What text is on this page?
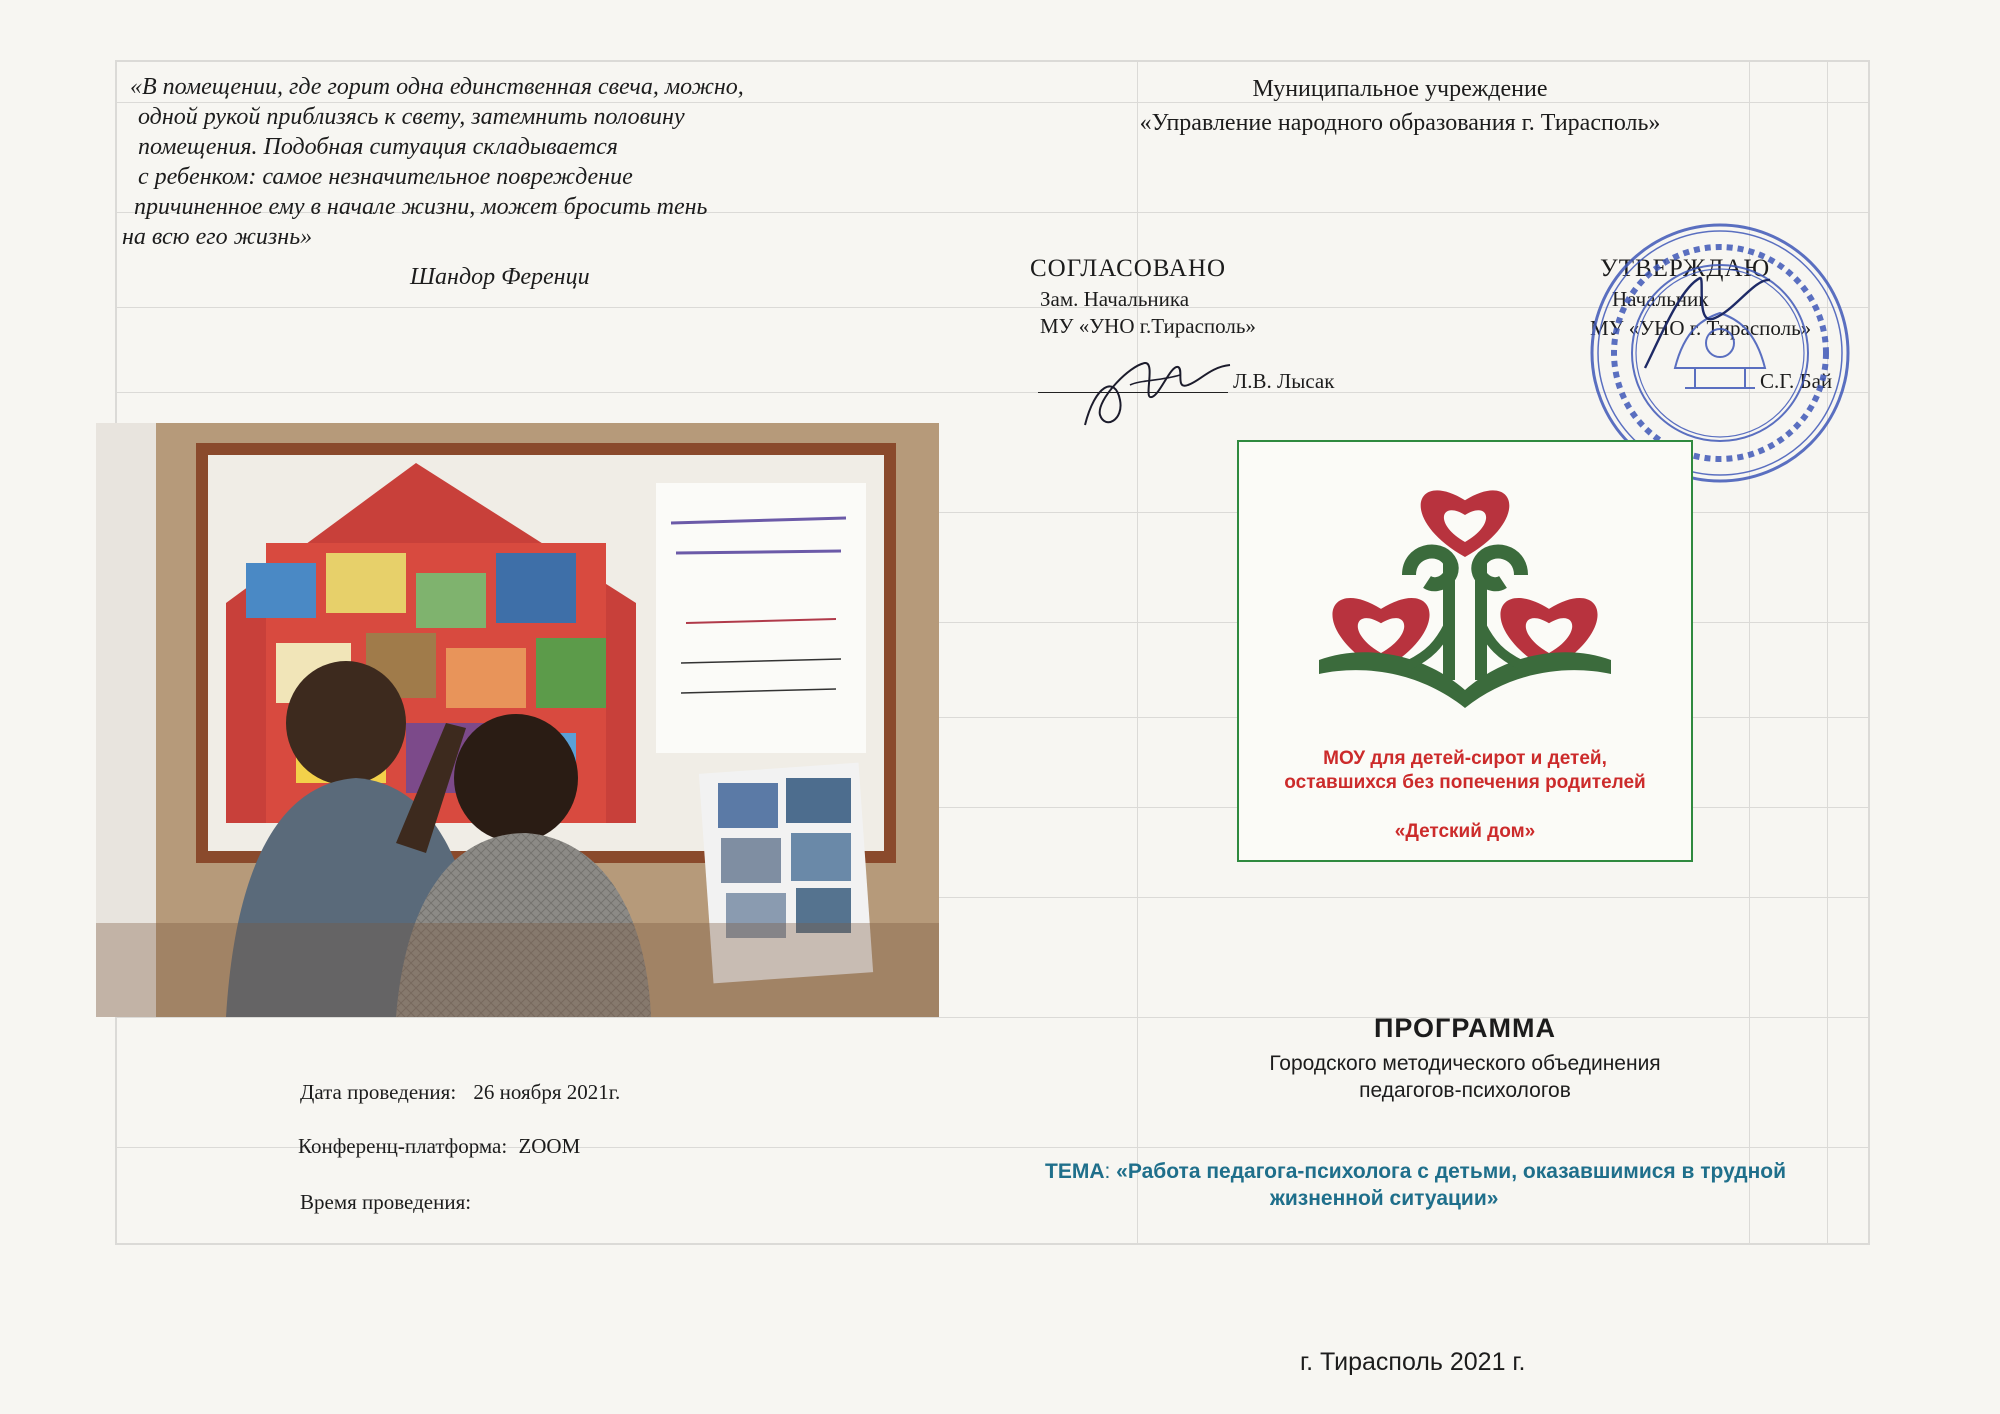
«В помещении, где горит одна единственная свеча, можно,
одной рукой приблизясь к свету, затемнить половину
помещения. Подобная ситуация складывается
с ребенком: самое незначительное повреждение
причиненное ему в начале жизни, может бросить тень
на всю его жизнь»
Шандор Ференци
Муниципальное учреждение
«Управление народного образования г. Тирасполь»
СОГЛАСОВАНО
Зам. Начальника
МУ «УНО г.Тирасполь»
Л.В. Лысак
УТВЕРЖДАЮ
Начальник
МУ «УНО г. Тирасполь»
С.Г. Бай
МОУ для детей-сирот и детей,
оставшихся без попечения родителей
«Детский дом»
Дата проведения: 26 ноября 2021г.
Конференц-платформа: ZOOM
Время проведения:
ПРОГРАММА
Городского методического объединения
педагогов-психологов
ТЕМА: «Работа педагога-психолога с детьми, оказавшимися в трудной
жизненной ситуации»
г. Тирасполь 2021 г.
